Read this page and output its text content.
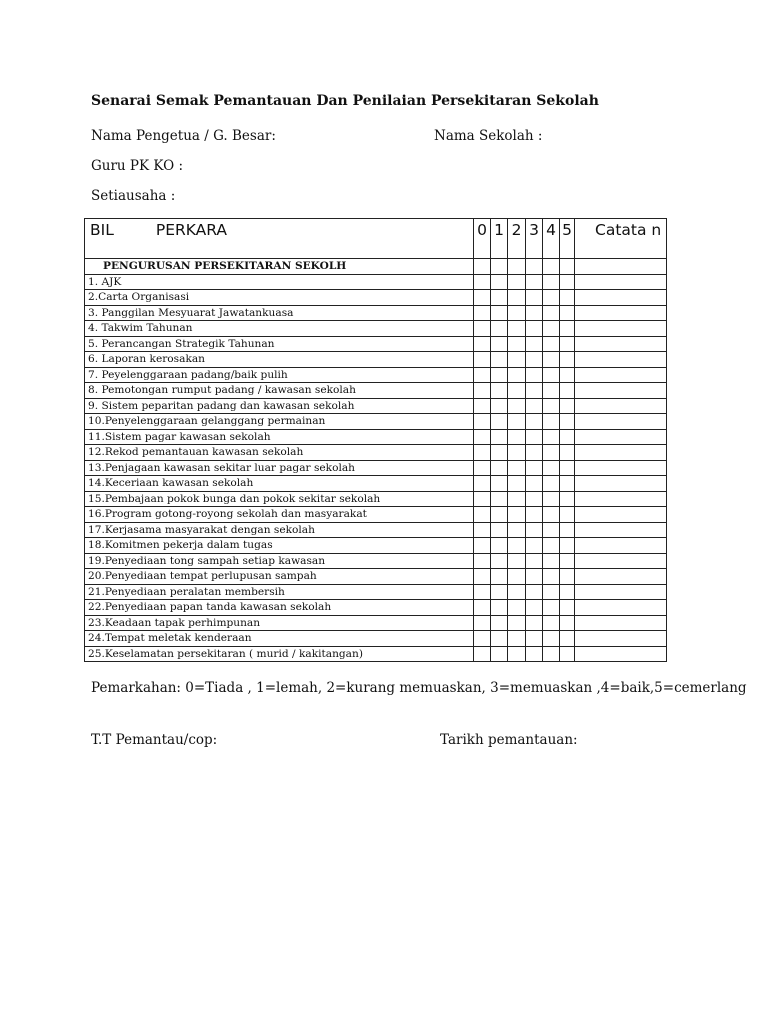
Senarai Semak Pemantauan Dan Penilaian Persekitaran Sekolah
Nama Pengetua / G. Besar:	Nama Sekolah :
Guru PK KO :
Setiausaha :
BIL PERKARA	0	1	2	3	4	5	Catata n
PENGURUSAN PERSEKITARAN SEKOLH							
1. AJK							
2.Carta Organisasi							
3. Panggilan Mesyuarat Jawatankuasa							
4. Takwim Tahunan							
5. Perancangan Strategik Tahunan							
6. Laporan kerosakan							
7. Peyelenggaraan padang/baik pulih							
8. Pemotongan rumput padang / kawasan sekolah							
9. Sistem peparitan padang dan kawasan sekolah							
10.Penyelenggaraan gelanggang permainan							
11.Sistem pagar kawasan sekolah							
12.Rekod pemantauan kawasan sekolah							
13.Penjagaan kawasan sekitar luar pagar sekolah							
14.Keceriaan kawasan sekolah							
15.Pembajaan pokok bunga dan pokok sekitar sekolah							
16.Program gotong-royong sekolah dan masyarakat							
17.Kerjasama masyarakat dengan sekolah							
18.Komitmen pekerja dalam tugas							
19.Penyediaan tong sampah setiap kawasan							
20.Penyediaan tempat perlupusan sampah							
21.Penyediaan peralatan membersih							
22.Penyediaan papan tanda kawasan sekolah							
23.Keadaan tapak perhimpunan							
24.Tempat meletak kenderaan							
25.Keselamatan persekitaran ( murid / kakitangan)							
Pemarkahan: 0=Tiada , 1=lemah, 2=kurang memuaskan, 3=memuaskan ,4=baik,5=cemerlang
T.T Pemantau/cop:	Tarikh pemantauan:
